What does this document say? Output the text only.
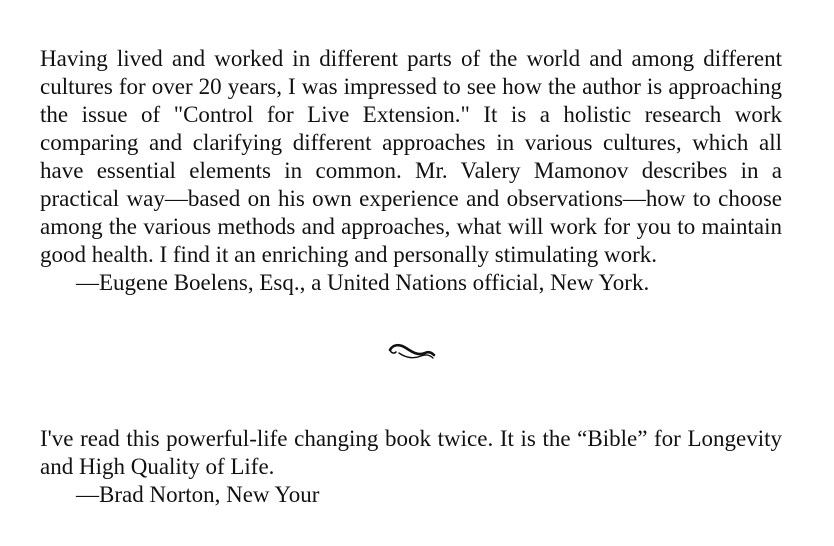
Having lived and worked in different parts of the world and among different cultures for over 20 years, I was impressed to see how the author is approaching the issue of "Control for Live Extension." It is a holistic research work comparing and clarifying different approaches in various cultures, which all have essential elements in common. Mr. Valery Mamonov describes in a practical way—based on his own experience and observations—how to choose among the various methods and approaches, what will work for you to maintain good health. I find it an enriching and personally stimulating work.

—Eugene Boelens, Esq., a United Nations official, New York.

I've read this powerful-life changing book twice. It is the “Bible” for Longevity and High Quality of Life.

—Brad Norton, New Your
